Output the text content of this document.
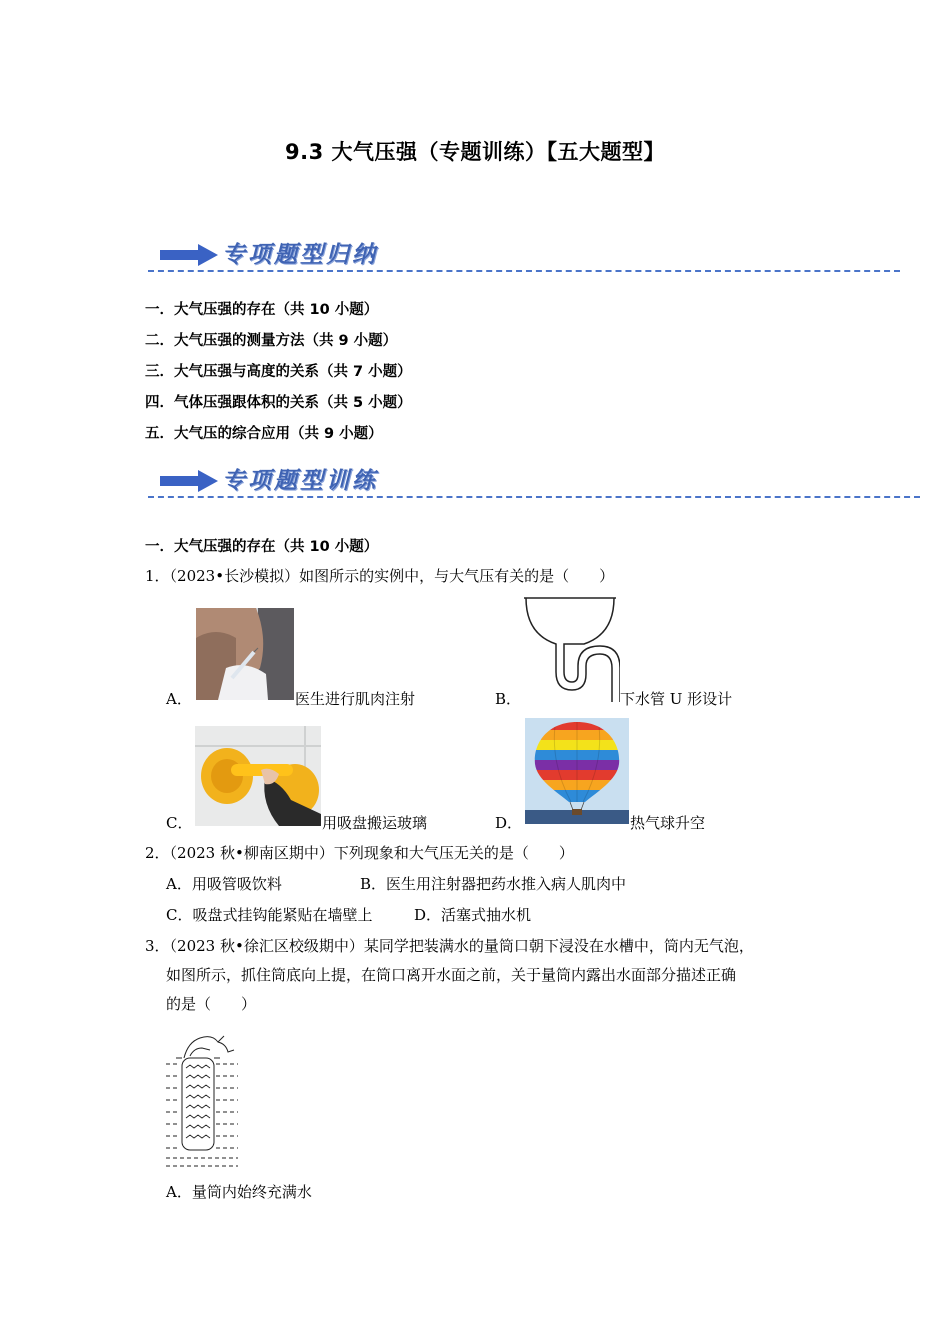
9.3 大气压强（专题训练）【五大题型】
专项题型归纳
一．大气压强的存在（共 10 小题）
二．大气压强的测量方法（共 9 小题）
三．大气压强与高度的关系（共 7 小题）
四．气体压强跟体积的关系（共 5 小题）
五．大气压的综合应用（共 9 小题）
专项题型训练
一．大气压强的存在（共 10 小题）
1．（2023•长沙模拟）如图所示的实例中，与大气压有关的是（　　）
A．	医生进行肌肉注射	B．	下水管 U 形设计
C．	用吸盘搬运玻璃	D．	热气球升空
2．（2023 秋•柳南区期中）下列现象和大气压无关的是（　　）
A．用吸管吸饮料	B．医生用注射器把药水推入病人肌肉中
C．吸盘式挂钩能紧贴在墙壁上	D．活塞式抽水机
3．（2023 秋•徐汇区校级期中）某同学把装满水的量筒口朝下浸没在水槽中，筒内无气泡，
如图所示，抓住筒底向上提，在筒口离开水面之前，关于量筒内露出水面部分描述正确
的是（　　）
A．量筒内始终充满水
